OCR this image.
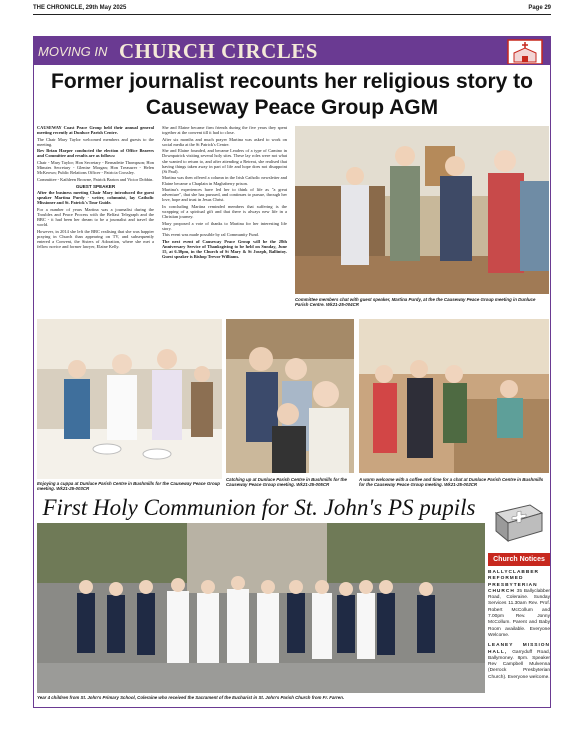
THE CHRONICLE, 29th May 2025	Page 29
MOVING IN CHURCH CIRCLES
Former journalist recounts her religious story to Causeway Peace Group AGM

CAUSEWAY Coast Peace Group held their annual general meeting recently at Dunluce Parish Centre.

The Chair Mary Taylor welcomed members and guests to the meeting.

Rev Brian Harper conducted the election of Office Bearers and Committee and results are as follows:

Chair - Mary Taylor; Hon Secretary - Bernadette Thompson; Hon Minutes Secretary - Glenise Morgan; Hon Treasurer - Helen McKeown; Public Relations Officer - Patricia Crossley.

Committee - Kathleen Browne, Patrick Barton and Victor Dobbin.

GUEST SPEAKER

After the business meeting Chair Mary introduced the guest speaker Martina Purdy - writer, columnist, lay Catholic Missioner and St. Patrick's Tour Guide.

For a number of years Martina was a journalist during the Troubles and Peace Process with the Belfast Telegraph and the BBC - it had been her dream to be a journalist and travel the world.

However, in 2014 she left the BBC realising that she was happier praying in Church than appearing on TV, and subsequently entered a Convent, the Sisters of Adoration, where she met a fellow novice and former lawyer, Elaine Kelly.

She and Elaine became firm friends during the five years they spent together at the convent till it had to close.

After six months and much prayer Martina was asked to work on social media at the St Patrick's Centre.

She and Elaine founded, and became Leaders of a type of Camino in Downpatrick visiting several holy sites. These lay roles were not what she wanted to return to, and after attending a Retreat, she realised that having things taken away in part of life and hope does not disappoint (St Paul).

Martina was then offered a column in the Irish Catholic newsletter and Elaine became a Chaplain in Maghaberry prison.

Martina's experiences have led her to think of life as "a great adventure", that she has pursued, and continues to pursue, through her love, hope and trust in Jesus Christ.

In concluding Martina reminded members that suffering is the wrapping of a spiritual gift and that there is always new life in a Christian journey.

Mary proposed a vote of thanks to Martina for her interesting life story.

This event was made possible by ral Community Fund.

The next event of Causeway Peace Group will be the 28th Anniversary Service of Thanksgiving to be held on Sunday, June 15, at 6.30pm, in the Church of St Mary & St Joseph, Ballintoy. Guest speaker is Bishop Trevor Williams.

Committee members chat with guest speaker, Martina Purdy, at the the Causeway Peace Group meeting in Dunluce Parish Centre. Wk21-25-004CR
Enjoying a cuppa at Dunluce Parish Centre in Bushmills for the Causeway Peace Group meeting. Wk21-25-003CR
Catching up at Dunluce Parish Centre in Bushmills for the Causeway Peace Group meeting. Wk21-25-005CR
A warm welcome with a coffee and time for a chat at Dunluce Parish Centre in Bushmills for the Causeway Peace Group meeting. Wk21-25-002CR
First Holy Communion for St. John's PS pupils
Year 4 children from St. John's Primary School, Coleraine who received the Sacrament of the Eucharist in St. John's Parish Church from Fr. Farren.
Church Notices

BALLYCLABBER REFORMED PRESBYTERIAN CHURCH 35 Ballyclabber Road, Coleraine. Sunday Services 11.30am Rev. Prof. Robert McCollum and 7.00pm Rev. Jonny McCollum. Parent and Baby Room available. Everyone Welcome.

LEANEY MISSION HALL, Garryduff Road, Ballymoney. 8pm. Speaker Rev Campbell Mulvenna (Derrock Presbyterian Church). Everyone welcome.
